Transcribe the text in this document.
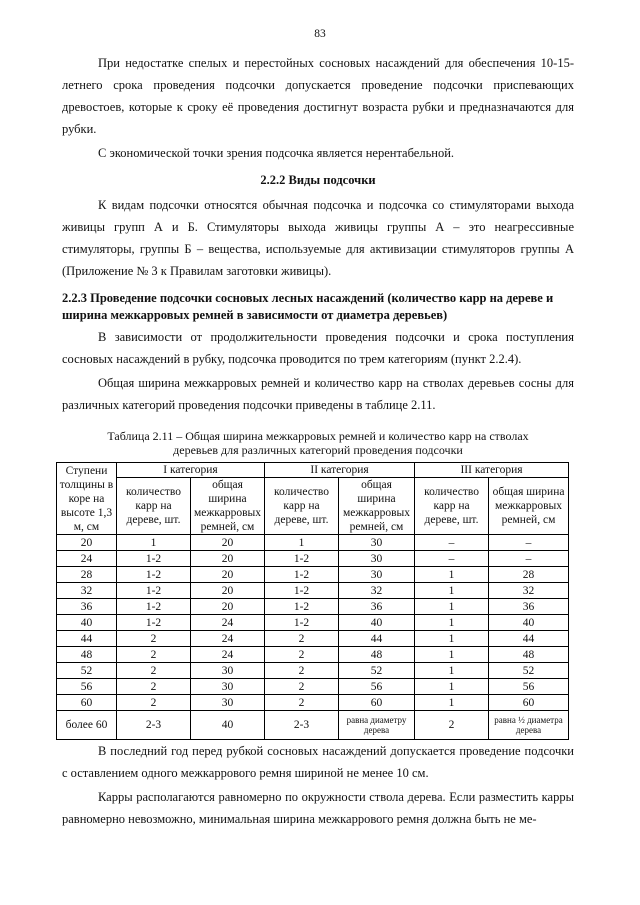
83

При недостатке спелых и перестойных сосновых насаждений для обеспечения 10-15-летнего срока проведения подсочки допускается проведение подсочки приспевающих древостоев, которые к сроку её проведения достигнут возраста рубки и предназначаются для рубки.

С экономической точки зрения подсочка является нерентабельной.

2.2.2 Виды подсочки

К видам подсочки относятся обычная подсочка и подсочка со стимуляторами выхода живицы групп А и Б. Стимуляторы выхода живицы группы А – это неагрессивные стимуляторы, группы Б – вещества, используемые для активизации стимуляторов группы А (Приложение № 3 к Правилам заготовки живицы).

2.2.3 Проведение подсочки сосновых лесных насаждений (количество карр на дереве и ширина межкарровых ремней в зависимости от диаметра деревьев)

В зависимости от продолжительности проведения подсочки и срока поступления сосновых насаждений в рубку, подсочка проводится по трем категориям (пункт 2.2.4).

Общая ширина межкарровых ремней и количество карр на стволах деревьев сосны для различных категорий проведения подсочки приведены в таблице 2.11.

Таблица 2.11 – Общая ширина межкарровых ремней и количество карр на стволах

деревьев для различных категорий проведения подсочки

Ступени толщины в коре на высоте 1,3 м, см	I категория		II категория		III категория	
	количество карр на дереве, шт.	общая ширина межкарровых ремней, см	количество карр на дереве, шт.	общая ширина межкарровых ремней, см	количество карр на дереве, шт.	общая ширина межкарровых ремней, см
20	1	20	1	30	–	–
24	1-2	20	1-2	30	–	–
28	1-2	20	1-2	30	1	28
32	1-2	20	1-2	32	1	32
36	1-2	20	1-2	36	1	36
40	1-2	24	1-2	40	1	40
44	2	24	2	44	1	44
48	2	24	2	48	1	48
52	2	30	2	52	1	52
56	2	30	2	56	1	56
60	2	30	2	60	1	60
более 60	2-3	40	2-3	равна диаметру дерева	2	равна ½ диаметра дерева

В последний год перед рубкой сосновых насаждений допускается проведение подсочки с оставлением одного межкаррового ремня шириной не менее 10 см.

Карры располагаются равномерно по окружности ствола дерева. Если разместить карры равномерно невозможно, минимальная ширина межкаррового ремня должна быть не ме-
